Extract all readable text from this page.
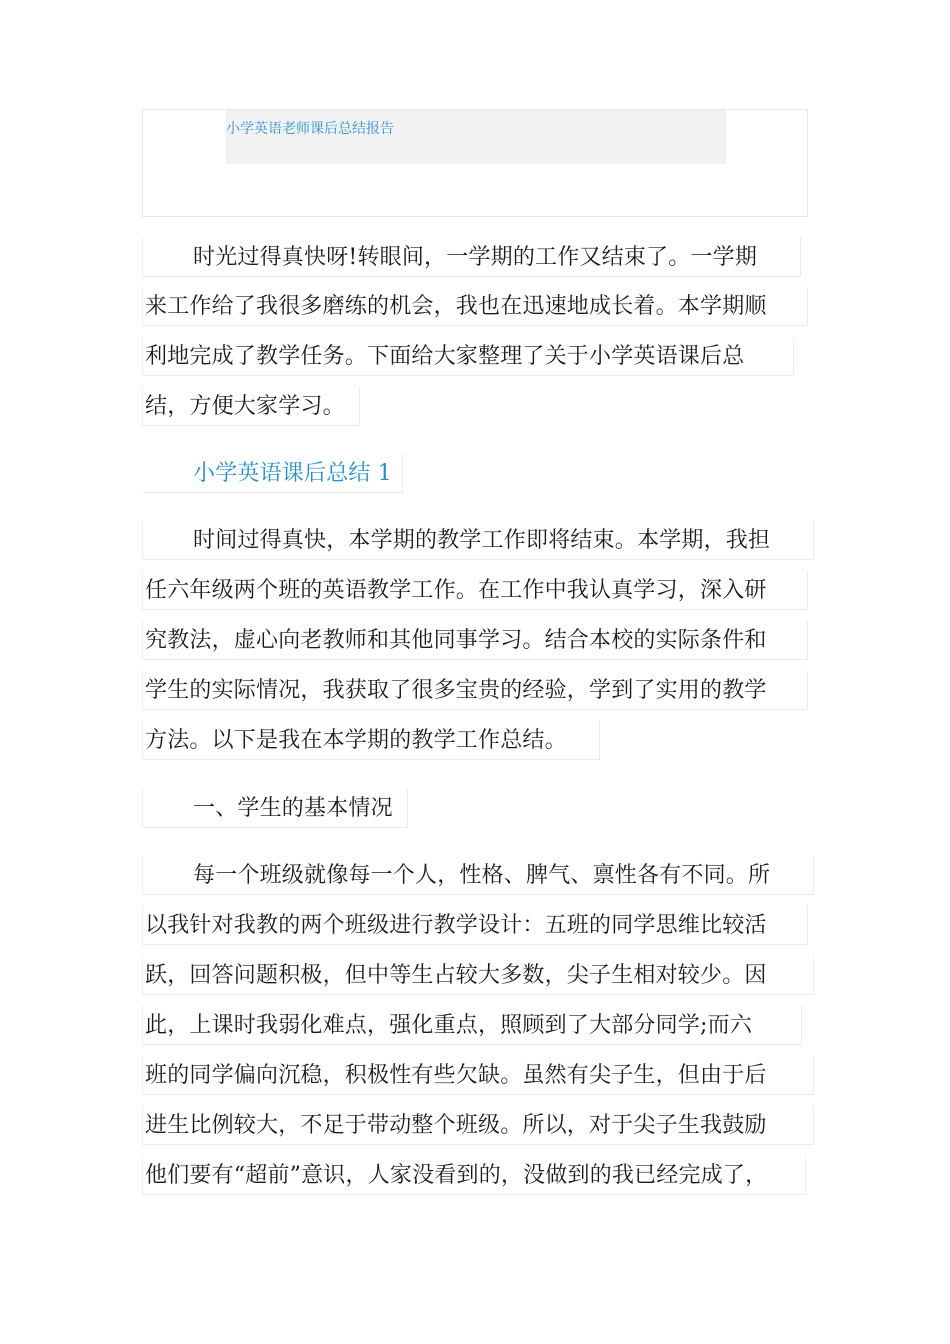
小学英语老师课后总结报告
时光过得真快呀!转眼间，一学期的工作又结束了。一学期
来工作给了我很多磨练的机会，我也在迅速地成长着。本学期顺
利地完成了教学任务。下面给大家整理了关于小学英语课后总
结，方便大家学习。
小学英语课后总结 1
时间过得真快，本学期的教学工作即将结束。本学期，我担
任六年级两个班的英语教学工作。在工作中我认真学习，深入研
究教法，虚心向老教师和其他同事学习。结合本校的实际条件和
学生的实际情况，我获取了很多宝贵的经验，学到了实用的教学
方法。以下是我在本学期的教学工作总结。
一、学生的基本情况
每一个班级就像每一个人，性格、脾气、禀性各有不同。所
以我针对我教的两个班级进行教学设计：五班的同学思维比较活
跃，回答问题积极，但中等生占较大多数，尖子生相对较少。因
此，上课时我弱化难点，强化重点，照顾到了大部分同学;而六
班的同学偏向沉稳，积极性有些欠缺。虽然有尖子生，但由于后
进生比例较大，不足于带动整个班级。所以，对于尖子生我鼓励
他们要有“超前”意识，人家没看到的，没做到的我已经完成了，
